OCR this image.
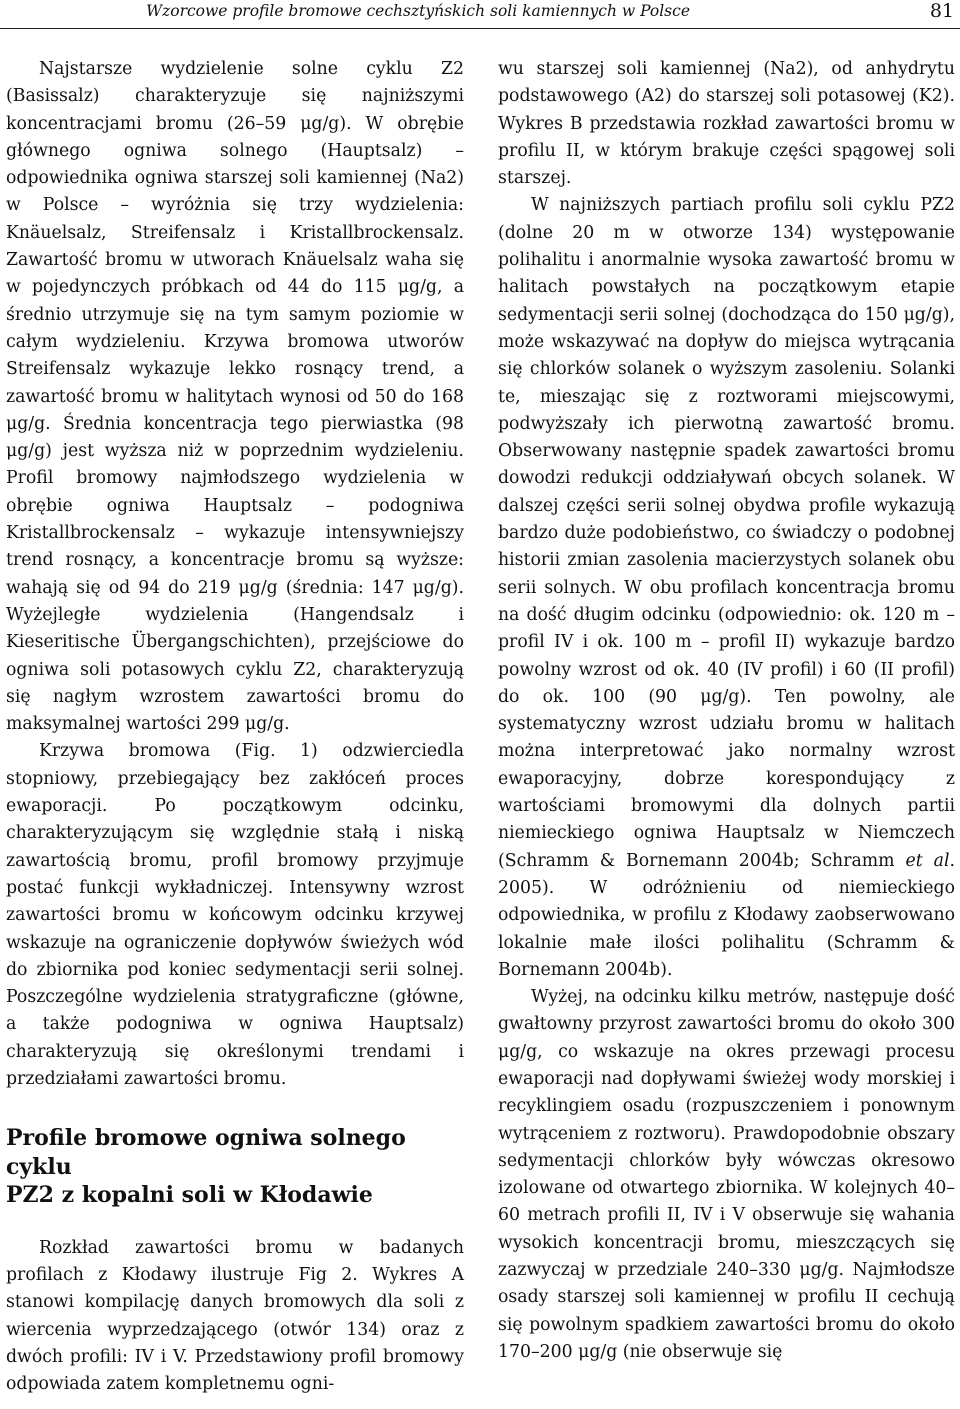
Wzorcowe profile bromowe cechsztyńskich soli kamiennych w Polsce	81

Najstarsze wydzielenie solne cyklu Z2 (Basissalz) charakteryzuje się najniższymi koncentracjami bromu (26–59 μg/g). W obrębie głównego ogniwa solnego (Hauptsalz) – odpowiednika ogniwa starszej soli kamiennej (Na2) w Polsce – wyróżnia się trzy wydzielenia: Knäuelsalz, Streifensalz i Kristallbrockensalz. Zawartość bromu w utworach Knäuelsalz waha się w pojedynczych próbkach od 44 do 115 μg/g, a średnio utrzymuje się na tym samym poziomie w całym wydzieleniu. Krzywa bromowa utworów Streifensalz wykazuje lekko rosnący trend, a zawartość bromu w halitytach wynosi od 50 do 168 μg/g. Średnia koncentracja tego pierwiastka (98 μg/g) jest wyższa niż w poprzednim wydzieleniu. Profil bromowy najmłodszego wydzielenia w obrębie ogniwa Hauptsalz – podogniwa Kristallbrockensalz – wykazuje intensywniejszy trend rosnący, a koncentracje bromu są wyższe: wahają się od 94 do 219 μg/g (średnia: 147 μg/g). Wyżejległe wydzielenia (Hangendsalz i Kieseritische Übergangschichten), przejściowe do ogniwa soli potasowych cyklu Z2, charakteryzują się nagłym wzrostem zawartości bromu do maksymalnej wartości 299 μg/g.

Krzywa bromowa (Fig. 1) odzwierciedla stopniowy, przebiegający bez zakłóceń proces ewaporacji. Po początkowym odcinku, charakteryzującym się względnie stałą i niską zawartością bromu, profil bromowy przyjmuje postać funkcji wykładniczej. Intensywny wzrost zawartości bromu w końcowym odcinku krzywej wskazuje na ograniczenie dopływów świeżych wód do zbiornika pod koniec sedymentacji serii solnej. Poszczególne wydzielenia stratygraficzne (główne, a także podogniwa w ogniwa Hauptsalz) charakteryzują się określonymi trendami i przedziałami zawartości bromu.

Profile bromowe ogniwa solnego cyklu
PZ2 z kopalni soli w Kłodawie

Rozkład zawartości bromu w badanych profilach z Kłodawy ilustruje Fig 2. Wykres A stanowi kompilację danych bromowych dla soli z wiercenia wyprzedzającego (otwór 134) oraz z dwóch profili: IV i V. Przedstawiony profil bromowy odpowiada zatem kompletnemu ogni-

wu starszej soli kamiennej (Na2), od anhydrytu podstawowego (A2) do starszej soli potasowej (K2). Wykres B przedstawia rozkład zawartości bromu w profilu II, w którym brakuje części spągowej soli starszej.

W najniższych partiach profilu soli cyklu PZ2 (dolne 20 m w otworze 134) występowanie polihalitu i anormalnie wysoka zawartość bromu w halitach powstałych na początkowym etapie sedymentacji serii solnej (dochodząca do 150 μg/g), może wskazywać na dopływ do miejsca wytrącania się chlorków solanek o wyższym zasoleniu. Solanki te, mieszając się z roztworami miejscowymi, podwyższały ich pierwotną zawartość bromu. Obserwowany następnie spadek zawartości bromu dowodzi redukcji oddziaływań obcych solanek. W dalszej części serii solnej obydwa profile wykazują bardzo duże podobieństwo, co świadczy o podobnej historii zmian zasolenia macierzystych solanek obu serii solnych. W obu profilach koncentracja bromu na dość długim odcinku (odpowiednio: ok. 120 m – profil IV i ok. 100 m – profil II) wykazuje bardzo powolny wzrost od ok. 40 (IV profil) i 60 (II profil) do ok. 100 (90 μg/g). Ten powolny, ale systematyczny wzrost udziału bromu w halitach można interpretować jako normalny wzrost ewaporacyjny, dobrze korespondujący z wartościami bromowymi dla dolnych partii niemieckiego ogniwa Hauptsalz w Niemczech (Schramm & Bornemann 2004b; Schramm et al. 2005). W odróżnieniu od niemieckiego odpowiednika, w profilu z Kłodawy zaobserwowano lokalnie małe ilości polihalitu (Schramm & Bornemann 2004b).

Wyżej, na odcinku kilku metrów, następuje dość gwałtowny przyrost zawartości bromu do około 300 μg/g, co wskazuje na okres przewagi procesu ewaporacji nad dopływami świeżej wody morskiej i recyklingiem osadu (rozpuszczeniem i ponownym wytrąceniem z roztworu). Prawdopodobnie obszary sedymentacji chlorków były wówczas okresowo izolowane od otwartego zbiornika. W kolejnych 40–60 metrach profili II, IV i V obserwuje się wahania wysokich koncentracji bromu, mieszczących się zazwyczaj w przedziale 240–330 μg/g. Najmłodsze osady starszej soli kamiennej w profilu II cechują się powolnym spadkiem zawartości bromu do około 170–200 μg/g (nie obserwuje się
